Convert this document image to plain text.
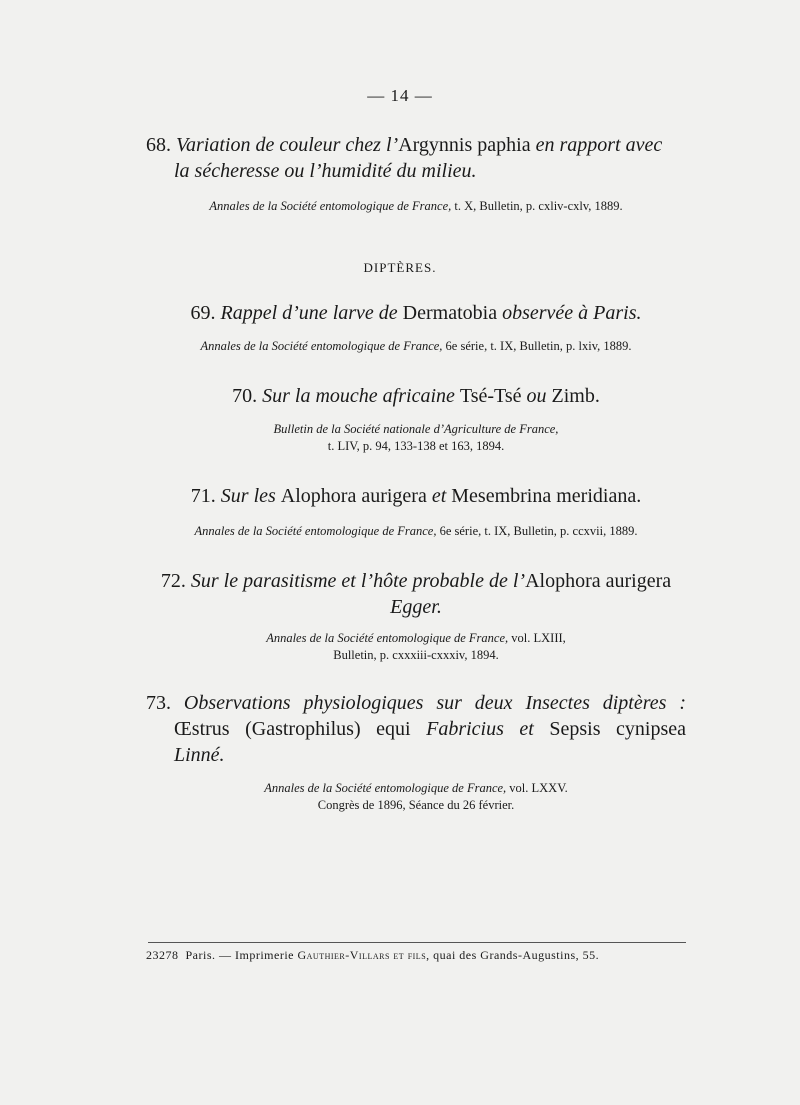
— 14 —
68. Variation de couleur chez l’Argynnis paphia en rapport avec
la sécheresse ou l’humidité du milieu.
Annales de la Société entomologique de France, t. X, Bulletin, p. cxliv-cxlv, 1889.
DIPTÈRES.
69. Rappel d’une larve de Dermatobia observée à Paris.
Annales de la Société entomologique de France, 6e série, t. IX, Bulletin, p. lxiv, 1889.
70. Sur la mouche africaine Tsé-Tsé ou Zimb.
Bulletin de la Société nationale d’Agriculture de France,
t. LIV, p. 94, 133-138 et 163, 1894.
71. Sur les Alophora aurigera et Mesembrina meridiana.
Annales de la Société entomologique de France, 6e série, t. IX, Bulletin, p. ccxvii, 1889.
72. Sur le parasitisme et l’hôte probable de l’Alophora aurigera
Egger.
Annales de la Société entomologique de France, vol. LXIII,
Bulletin, p. cxxxiii-cxxxiv, 1894.
73. Observations physiologiques sur deux Insectes diptères :
Œstrus (Gastrophilus) equi Fabricius et Sepsis cynipsea
Linné.
Annales de la Société entomologique de France, vol. LXXV.
Congrès de 1896, Séance du 26 février.
23278 Paris. — Imprimerie Gauthier-Villars et fils, quai des Grands-Augustins, 55.
